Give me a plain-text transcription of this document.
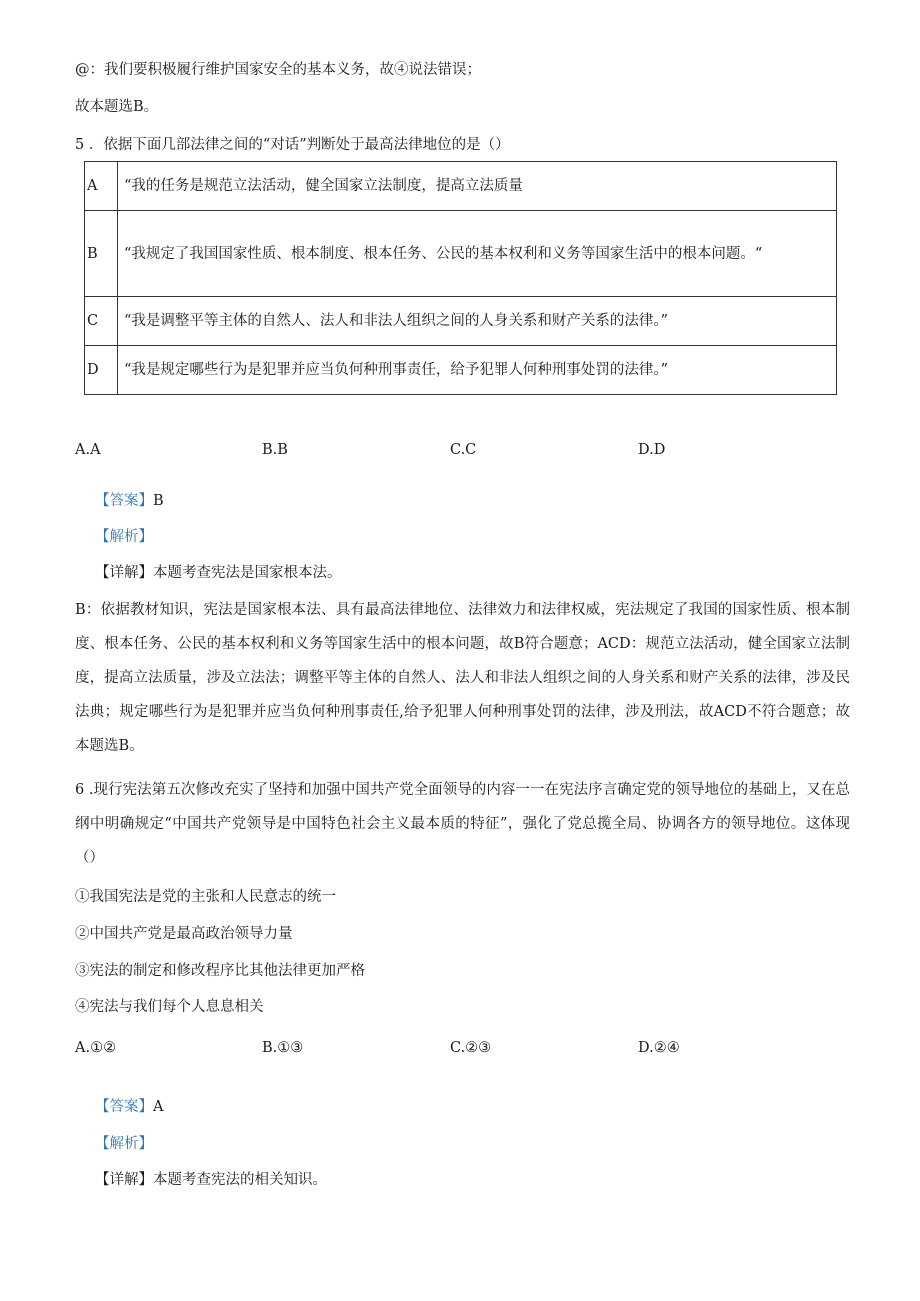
@：我们要积极履行维护国家安全的基本义务，故④说法错误；
故本题选B。
5 ．依据下面几部法律之间的“对话”判断处于最高法律地位的是（）
A	“我的任务是规范立法活动，健全国家立法制度，提高立法质量
B	“我规定了我国国家性质、根本制度、根本任务、公民的基本权利和义务等国家生活中的根本问题。“
C	“我是调整平等主体的自然人、法人和非法人组织之间的人身关系和财产关系的法律。”
D	“我是规定哪些行为是犯罪并应当负何种刑事责任，给予犯罪人何种刑事处罚的法律。”
A.A	B.B	C.C	D.D
【答案】B
【解析】
【详解】本题考查宪法是国家根本法。
B：依据教材知识，宪法是国家根本法、具有最高法律地位、法律效力和法律权威，宪法规定了我国的国家性质、根本制度、根本任务、公民的基本权利和义务等国家生活中的根本问题，故B符合题意；ACD：规范立法活动，健全国家立法制度，提高立法质量，涉及立法法；调整平等主体的自然人、法人和非法人组织之间的人身关系和财产关系的法律，涉及民法典；规定哪些行为是犯罪并应当负何种刑事责任,给予犯罪人何种刑事处罚的法律，涉及刑法，故ACD不符合题意；故本题选B。
6 .现行宪法第五次修改充实了坚持和加强中国共产党全面领导的内容一一在宪法序言确定党的领导地位的基础上，又在总纲中明确规定“中国共产党领导是中国特色社会主义最本质的特征”，强化了党总揽全局、协调各方的领导地位。这体现（）
①我国宪法是党的主张和人民意志的统一
②中国共产党是最高政治领导力量
③宪法的制定和修改程序比其他法律更加严格
④宪法与我们每个人息息相关
A.①②	B.①③	C.②③	D.②④
【答案】A
【解析】
【详解】本题考查宪法的相关知识。
